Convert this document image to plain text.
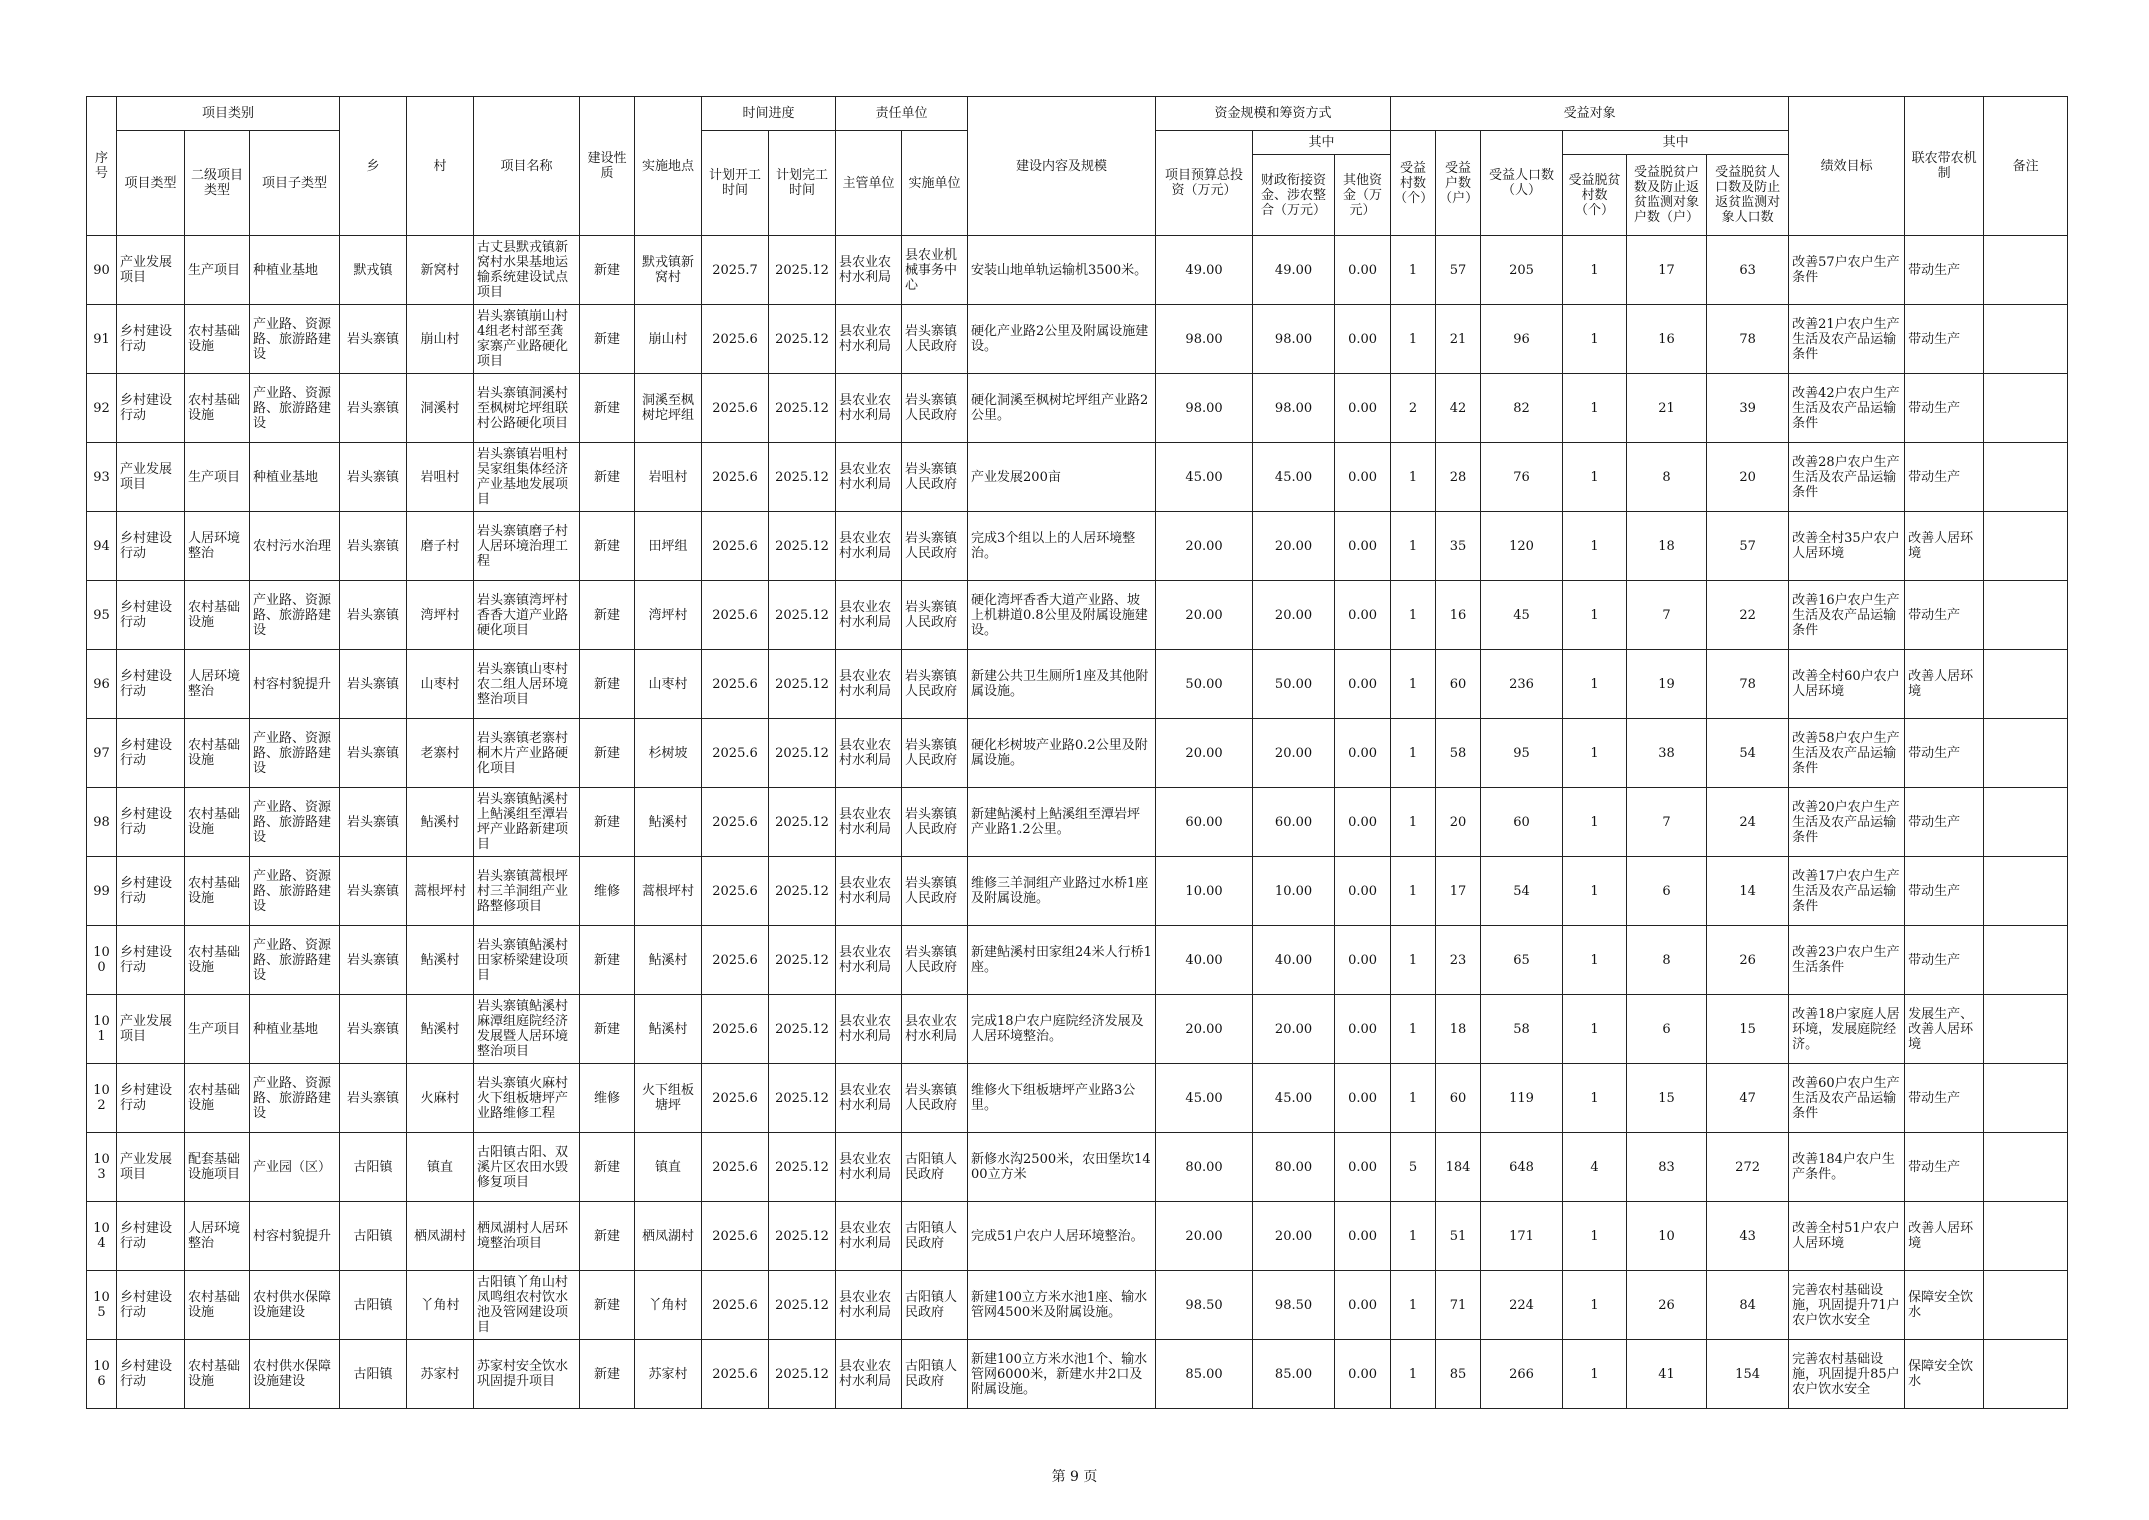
序号	项目类别			乡	村	项目名称	建设性质	实施地点	时间进度		责任单位		建设内容及规模	资金规模和筹资方式			受益对象						绩效目标	联农带农机制	备注
	项目类型	二级项目类型	项目子类型						计划开工时间	计划完工时间	主管单位	实施单位		项目预算总投资（万元）	其中		受益村数（个）	受益户数（户）	受益人口数（人）	其中					
															财政衔接资金、涉农整合（万元）	其他资金（万元）				受益脱贫村数（个）	受益脱贫户数及防止返贫监测对象户数（户）	受益脱贫人口数及防止返贫监测对象人口数			
90	产业发展项目	生产项目	种植业基地	默戎镇	新窝村	古丈县默戎镇新窝村水果基地运输系统建设试点项目	新建	默戎镇新窝村	2025.7	2025.12	县农业农村水利局	县农业机械事务中心	安装山地单轨运输机3500米。	49.00	49.00	0.00	1	57	205	1	17	63	改善57户农户生产条件	带动生产	
91	乡村建设行动	农村基础设施	产业路、资源路、旅游路建设	岩头寨镇	崩山村	岩头寨镇崩山村4组老村部至龚家寨产业路硬化项目	新建	崩山村	2025.6	2025.12	县农业农村水利局	岩头寨镇人民政府	硬化产业路2公里及附属设施建设。	98.00	98.00	0.00	1	21	96	1	16	78	改善21户农户生产生活及农产品运输条件	带动生产	
92	乡村建设行动	农村基础设施	产业路、资源路、旅游路建设	岩头寨镇	洞溪村	岩头寨镇洞溪村至枫树坨坪组联村公路硬化项目	新建	洞溪至枫树坨坪组	2025.6	2025.12	县农业农村水利局	岩头寨镇人民政府	硬化洞溪至枫树坨坪组产业路2公里。	98.00	98.00	0.00	2	42	82	1	21	39	改善42户农户生产生活及农产品运输条件	带动生产	
93	产业发展项目	生产项目	种植业基地	岩头寨镇	岩咀村	岩头寨镇岩咀村吴家组集体经济产业基地发展项目	新建	岩咀村	2025.6	2025.12	县农业农村水利局	岩头寨镇人民政府	产业发展200亩	45.00	45.00	0.00	1	28	76	1	8	20	改善28户农户生产生活及农产品运输条件	带动生产	
94	乡村建设行动	人居环境整治	农村污水治理	岩头寨镇	磨子村	岩头寨镇磨子村人居环境治理工程	新建	田坪组	2025.6	2025.12	县农业农村水利局	岩头寨镇人民政府	完成3个组以上的人居环境整治。	20.00	20.00	0.00	1	35	120	1	18	57	改善全村35户农户人居环境	改善人居环境	
95	乡村建设行动	农村基础设施	产业路、资源路、旅游路建设	岩头寨镇	湾坪村	岩头寨镇湾坪村香香大道产业路硬化项目	新建	湾坪村	2025.6	2025.12	县农业农村水利局	岩头寨镇人民政府	硬化湾坪香香大道产业路、坡上机耕道0.8公里及附属设施建设。	20.00	20.00	0.00	1	16	45	1	7	22	改善16户农户生产生活及农产品运输条件	带动生产	
96	乡村建设行动	人居环境整治	村容村貌提升	岩头寨镇	山枣村	岩头寨镇山枣村农二组人居环境整治项目	新建	山枣村	2025.6	2025.12	县农业农村水利局	岩头寨镇人民政府	新建公共卫生厕所1座及其他附属设施。	50.00	50.00	0.00	1	60	236	1	19	78	改善全村60户农户人居环境	改善人居环境	
97	乡村建设行动	农村基础设施	产业路、资源路、旅游路建设	岩头寨镇	老寨村	岩头寨镇老寨村桐木片产业路硬化项目	新建	杉树坡	2025.6	2025.12	县农业农村水利局	岩头寨镇人民政府	硬化杉树坡产业路0.2公里及附属设施。	20.00	20.00	0.00	1	58	95	1	38	54	改善58户农户生产生活及农产品运输条件	带动生产	
98	乡村建设行动	农村基础设施	产业路、资源路、旅游路建设	岩头寨镇	鲇溪村	岩头寨镇鲇溪村上鲇溪组至潭岩坪产业路新建项目	新建	鲇溪村	2025.6	2025.12	县农业农村水利局	岩头寨镇人民政府	新建鲇溪村上鲇溪组至潭岩坪产业路1.2公里。	60.00	60.00	0.00	1	20	60	1	7	24	改善20户农户生产生活及农产品运输条件	带动生产	
99	乡村建设行动	农村基础设施	产业路、资源路、旅游路建设	岩头寨镇	蒿根坪村	岩头寨镇蒿根坪村三羊洞组产业路整修项目	维修	蒿根坪村	2025.6	2025.12	县农业农村水利局	岩头寨镇人民政府	维修三羊洞组产业路过水桥1座及附属设施。	10.00	10.00	0.00	1	17	54	1	6	14	改善17户农户生产生活及农产品运输条件	带动生产	
100	乡村建设行动	农村基础设施	产业路、资源路、旅游路建设	岩头寨镇	鲇溪村	岩头寨镇鲇溪村田家桥梁建设项目	新建	鲇溪村	2025.6	2025.12	县农业农村水利局	岩头寨镇人民政府	新建鲇溪村田家组24米人行桥1座。	40.00	40.00	0.00	1	23	65	1	8	26	改善23户农户生产生活条件	带动生产	
101	产业发展项目	生产项目	种植业基地	岩头寨镇	鲇溪村	岩头寨镇鲇溪村麻潭组庭院经济发展暨人居环境整治项目	新建	鲇溪村	2025.6	2025.12	县农业农村水利局	县农业农村水利局	完成18户农户庭院经济发展及人居环境整治。	20.00	20.00	0.00	1	18	58	1	6	15	改善18户家庭人居环境，发展庭院经济。	发展生产、改善人居环境	
102	乡村建设行动	农村基础设施	产业路、资源路、旅游路建设	岩头寨镇	火麻村	岩头寨镇火麻村火下组板塘坪产业路维修工程	维修	火下组板塘坪	2025.6	2025.12	县农业农村水利局	岩头寨镇人民政府	维修火下组板塘坪产业路3公里。	45.00	45.00	0.00	1	60	119	1	15	47	改善60户农户生产生活及农产品运输条件	带动生产	
103	产业发展项目	配套基础设施项目	产业园（区）	古阳镇	镇直	古阳镇古阳、双溪片区农田水毁修复项目	新建	镇直	2025.6	2025.12	县农业农村水利局	古阳镇人民政府	新修水沟2500米，农田堡坎1400立方米	80.00	80.00	0.00	5	184	648	4	83	272	改善184户农户生产条件。	带动生产	
104	乡村建设行动	人居环境整治	村容村貌提升	古阳镇	栖凤湖村	栖凤湖村人居环境整治项目	新建	栖凤湖村	2025.6	2025.12	县农业农村水利局	古阳镇人民政府	完成51户农户人居环境整治。	20.00	20.00	0.00	1	51	171	1	10	43	改善全村51户农户人居环境	改善人居环境	
105	乡村建设行动	农村基础设施	农村供水保障设施建设	古阳镇	丫角村	古阳镇丫角山村凤鸣组农村饮水池及管网建设项目	新建	丫角村	2025.6	2025.12	县农业农村水利局	古阳镇人民政府	新建100立方米水池1座、输水管网4500米及附属设施。	98.50	98.50	0.00	1	71	224	1	26	84	完善农村基础设施，巩固提升71户农户饮水安全	保障安全饮水	
106	乡村建设行动	农村基础设施	农村供水保障设施建设	古阳镇	苏家村	苏家村安全饮水巩固提升项目	新建	苏家村	2025.6	2025.12	县农业农村水利局	古阳镇人民政府	新建100立方米水池1个、输水管网6000米，新建水井2口及附属设施。	85.00	85.00	0.00	1	85	266	1	41	154	完善农村基础设施，巩固提升85户农户饮水安全	保障安全饮水	
第 9 页
